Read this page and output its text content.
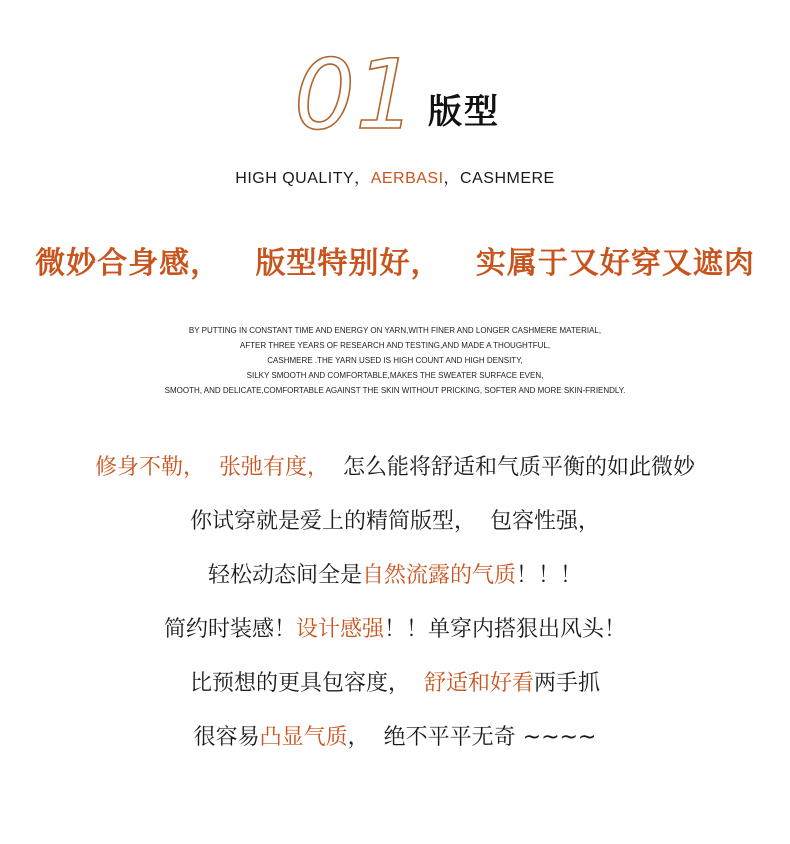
01 版型
HIGH QUALITY，AERBASI，CASHMERE
微妙合身感，   版型特别好，   实属于又好穿又遮肉
BY PUTTING IN CONSTANT TIME AND ENERGY ON YARN,WITH FINER AND LONGER CASHMERE MATERIAL,
AFTER THREE YEARS OF RESEARCH AND TESTING,AND MADE A THOUGHTFUL,
CASHMERE .THE YARN USED IS HIGH COUNT AND HIGH DENSITY,
SILKY SMOOTH AND COMFORTABLE,MAKES THE SWEATER SURFACE EVEN,
SMOOTH, AND DELICATE,COMFORTABLE AGAINST THE SKIN WITHOUT PRICKING, SOFTER AND MORE SKIN-FRIENDLY.
修身不勒，  张弛有度，  怎么能将舒适和气质平衡的如此微妙
你试穿就是爱上的精简版型，  包容性强，
轻松动态间全是自然流露的气质！！！
简约时装感！设计感强！！单穿内搭狠出风头！
比预想的更具包容度，  舒适和好看两手抓
很容易凸显气质，  绝不平平无奇 ~~~~
